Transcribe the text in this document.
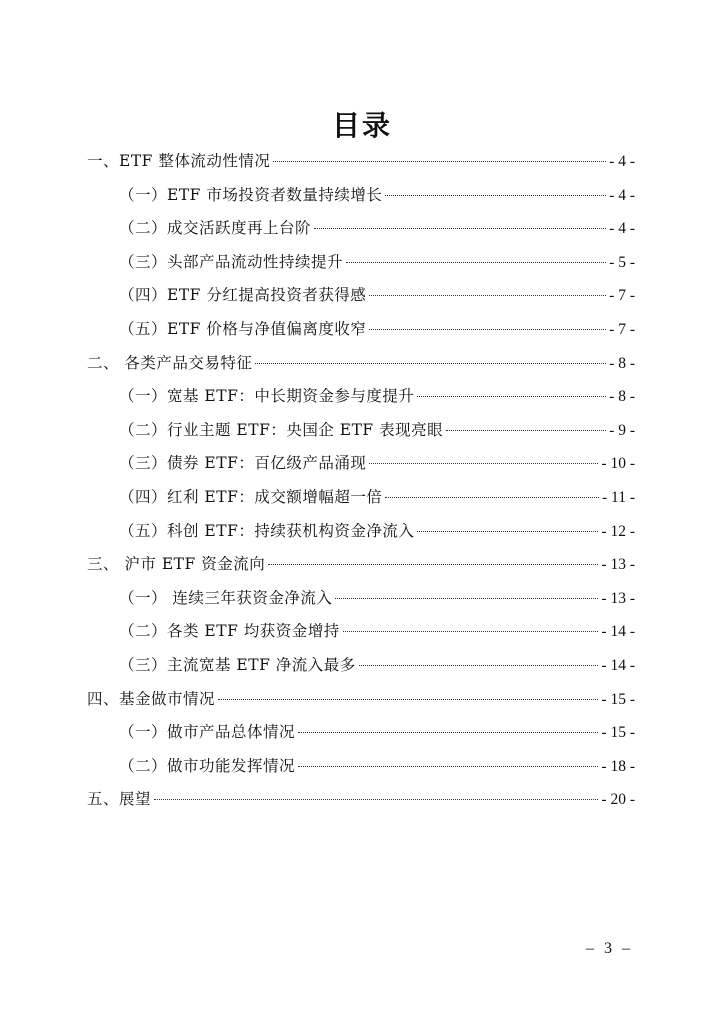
目录
一、ETF 整体流动性情况	- 4 -
（一）ETF 市场投资者数量持续增长	- 4 -
（二）成交活跃度再上台阶	- 4 -
（三）头部产品流动性持续提升	- 5 -
（四）ETF 分红提高投资者获得感	- 7 -
（五）ETF 价格与净值偏离度收窄	- 7 -
二、 各类产品交易特征	- 8 -
（一）宽基 ETF：中长期资金参与度提升	- 8 -
（二）行业主题 ETF：央国企 ETF 表现亮眼	- 9 -
（三）债券 ETF：百亿级产品涌现	- 10 -
（四）红利 ETF：成交额增幅超一倍	- 11 -
（五）科创 ETF：持续获机构资金净流入	- 12 -
三、 沪市 ETF 资金流向	- 13 -
（一） 连续三年获资金净流入	- 13 -
（二）各类 ETF 均获资金增持	- 14 -
（三）主流宽基 ETF 净流入最多	- 14 -
四、基金做市情况	- 15 -
（一）做市产品总体情况	- 15 -
（二）做市功能发挥情况	- 18 -
五、展望	- 20 -
– 3 –
